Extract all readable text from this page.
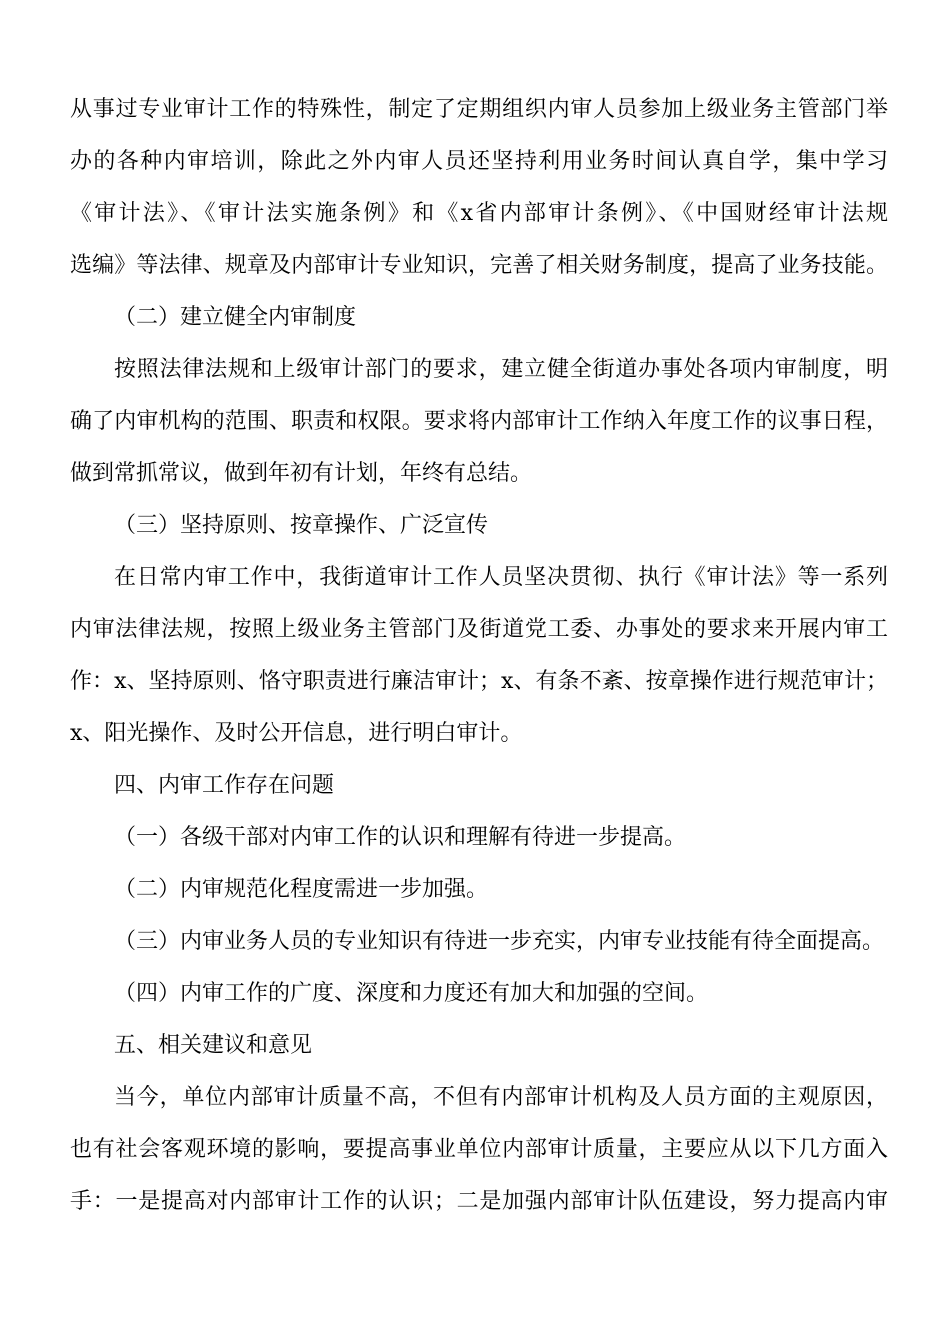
从事过专业审计工作的特殊性，制定了定期组织内审人员参加上级业务主管部门举
办的各种内审培训，除此之外内审人员还坚持利用业务时间认真自学，集中学习
《审计法》、《审计法实施条例》和《x省内部审计条例》、《中国财经审计法规
选编》等法律、规章及内部审计专业知识，完善了相关财务制度，提高了业务技能。
（二）建立健全内审制度
按照法律法规和上级审计部门的要求，建立健全街道办事处各项内审制度，明
确了内审机构的范围、职责和权限。要求将内部审计工作纳入年度工作的议事日程，
做到常抓常议，做到年初有计划，年终有总结。
（三）坚持原则、按章操作、广泛宣传
在日常内审工作中，我街道审计工作人员坚决贯彻、执行《审计法》等一系列
内审法律法规，按照上级业务主管部门及街道党工委、办事处的要求来开展内审工
作：x、坚持原则、恪守职责进行廉洁审计；x、有条不紊、按章操作进行规范审计；
x、阳光操作、及时公开信息，进行明白审计。
四、内审工作存在问题
（一）各级干部对内审工作的认识和理解有待进一步提高。
（二）内审规范化程度需进一步加强。
（三）内审业务人员的专业知识有待进一步充实，内审专业技能有待全面提高。
（四）内审工作的广度、深度和力度还有加大和加强的空间。
五、相关建议和意见
当今，单位内部审计质量不高，不但有内部审计机构及人员方面的主观原因，
也有社会客观环境的影响，要提高事业单位内部审计质量，主要应从以下几方面入
手：一是提高对内部审计工作的认识；二是加强内部审计队伍建设，努力提高内审
